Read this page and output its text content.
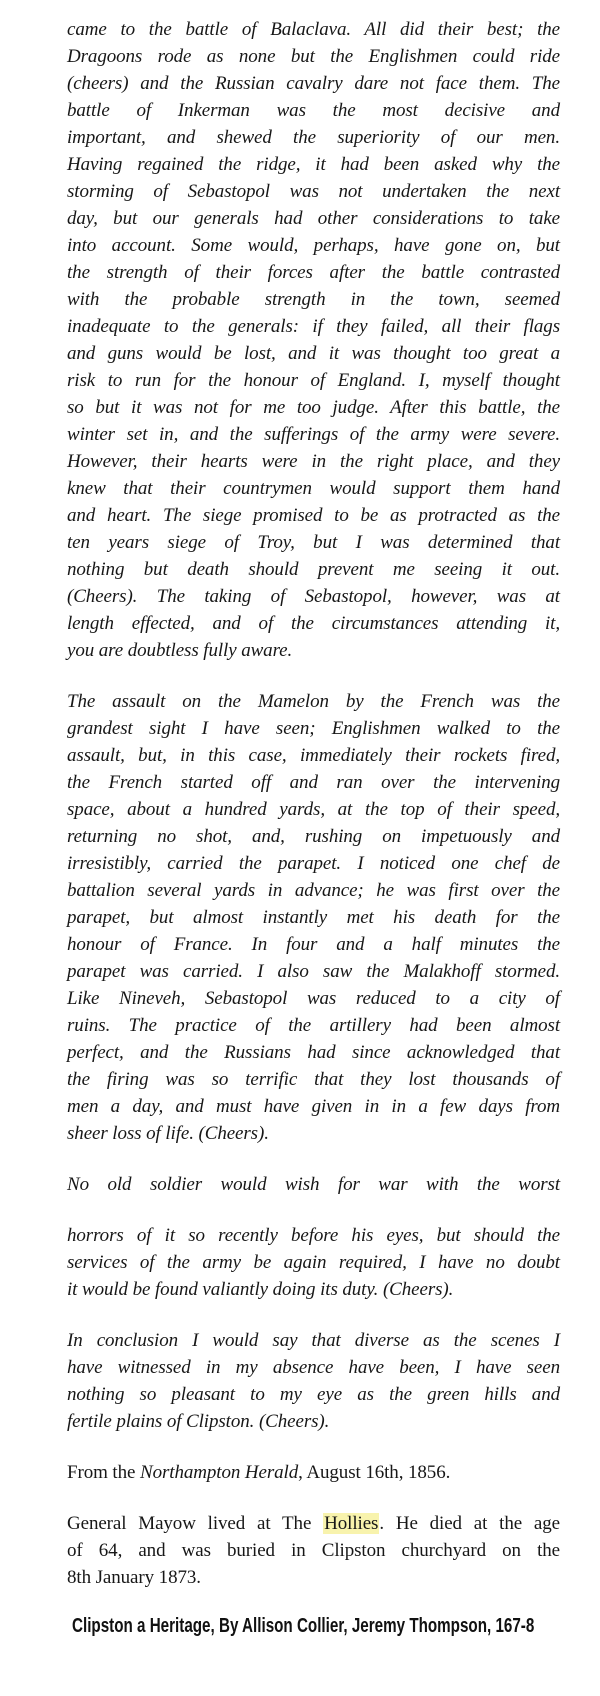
came to the battle of Balaclava. All did their best; the
Dragoons rode as none but the Englishmen could ride
(cheers) and the Russian cavalry dare not face them. The
battle of Inkerman was the most decisive and
important, and shewed the superiority of our men.
Having regained the ridge, it had been asked why the
storming of Sebastopol was not undertaken the next
day, but our generals had other considerations to take
into account. Some would, perhaps, have gone on, but
the strength of their forces after the battle contrasted
with the probable strength in the town, seemed
inadequate to the generals: if they failed, all their flags
and guns would be lost, and it was thought too great a
risk to run for the honour of England. I, myself thought
so but it was not for me too judge. After this battle, the
winter set in, and the sufferings of the army were severe.
However, their hearts were in the right place, and they
knew that their countrymen would support them hand
and heart. The siege promised to be as protracted as the
ten years siege of Troy, but I was determined that
nothing but death should prevent me seeing it out.
(Cheers). The taking of Sebastopol, however, was at
length effected, and of the circumstances attending it,
you are doubtless fully aware.
The assault on the Mamelon by the French was the
grandest sight I have seen; Englishmen walked to the
assault, but, in this case, immediately their rockets fired,
the French started off and ran over the intervening
space, about a hundred yards, at the top of their speed,
returning no shot, and, rushing on impetuously and
irresistibly, carried the parapet. I noticed one chef de
battalion several yards in advance; he was first over the
parapet, but almost instantly met his death for the
honour of France. In four and a half minutes the
parapet was carried. I also saw the Malakhoff stormed.
Like Nineveh, Sebastopol was reduced to a city of
ruins. The practice of the artillery had been almost
perfect, and the Russians had since acknowledged that
the firing was so terrific that they lost thousands of
men a day, and must have given in in a few days from
sheer loss of life. (Cheers).
No old soldier would wish for war with the worst
horrors of it so recently before his eyes, but should the
services of the army be again required, I have no doubt
it would be found valiantly doing its duty. (Cheers).
In conclusion I would say that diverse as the scenes I
have witnessed in my absence have been, I have seen
nothing so pleasant to my eye as the green hills and
fertile plains of Clipston. (Cheers).
From the Northampton Herald, August 16th, 1856.
General Mayow lived at The Hollies. He died at the age
of 64, and was buried in Clipston churchyard on the
8th January 1873.
Clipston a Heritage, By Allison Collier, Jeremy Thompson, 167-8
